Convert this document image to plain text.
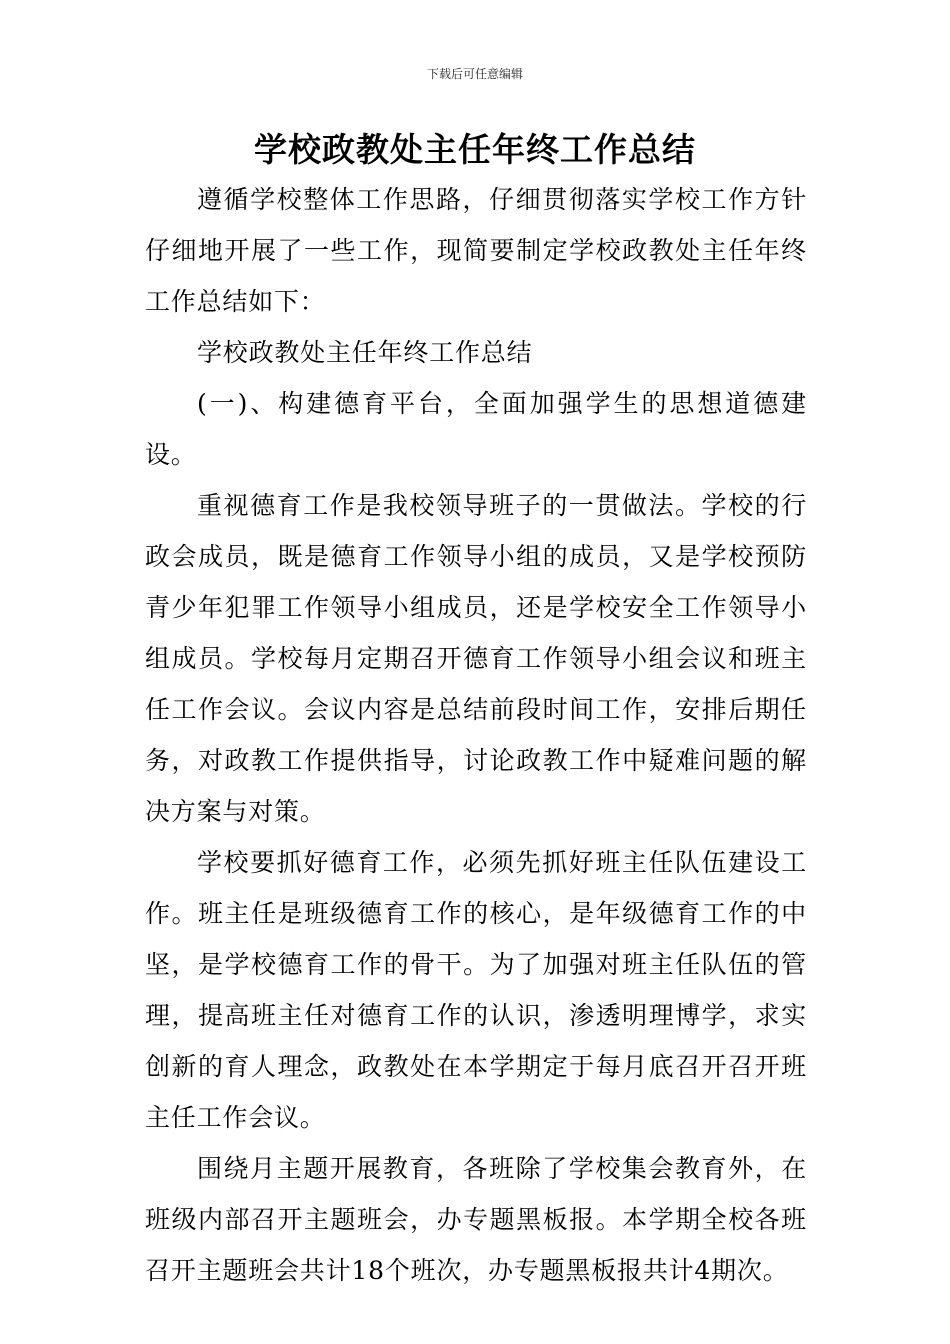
下载后可任意编辑
学校政教处主任年终工作总结

遵循学校整体工作思路，仔细贯彻落实学校工作方针仔细地开展了一些工作，现简要制定学校政教处主任年终工作总结如下：

学校政教处主任年终工作总结

(一)、构建德育平台，全面加强学生的思想道德建设。

重视德育工作是我校领导班子的一贯做法。学校的行政会成员，既是德育工作领导小组的成员，又是学校预防青少年犯罪工作领导小组成员，还是学校安全工作领导小组成员。学校每月定期召开德育工作领导小组会议和班主任工作会议。会议内容是总结前段时间工作，安排后期任务，对政教工作提供指导，讨论政教工作中疑难问题的解决方案与对策。

学校要抓好德育工作，必须先抓好班主任队伍建设工作。班主任是班级德育工作的核心，是年级德育工作的中坚，是学校德育工作的骨干。为了加强对班主任队伍的管理，提高班主任对德育工作的认识，渗透明理博学，求实创新的育人理念，政教处在本学期定于每月底召开召开班主任工作会议。

围绕月主题开展教育，各班除了学校集会教育外，在班级内部召开主题班会，办专题黑板报。本学期全校各班召开主题班会共计18个班次，办专题黑板报共计4期次。
